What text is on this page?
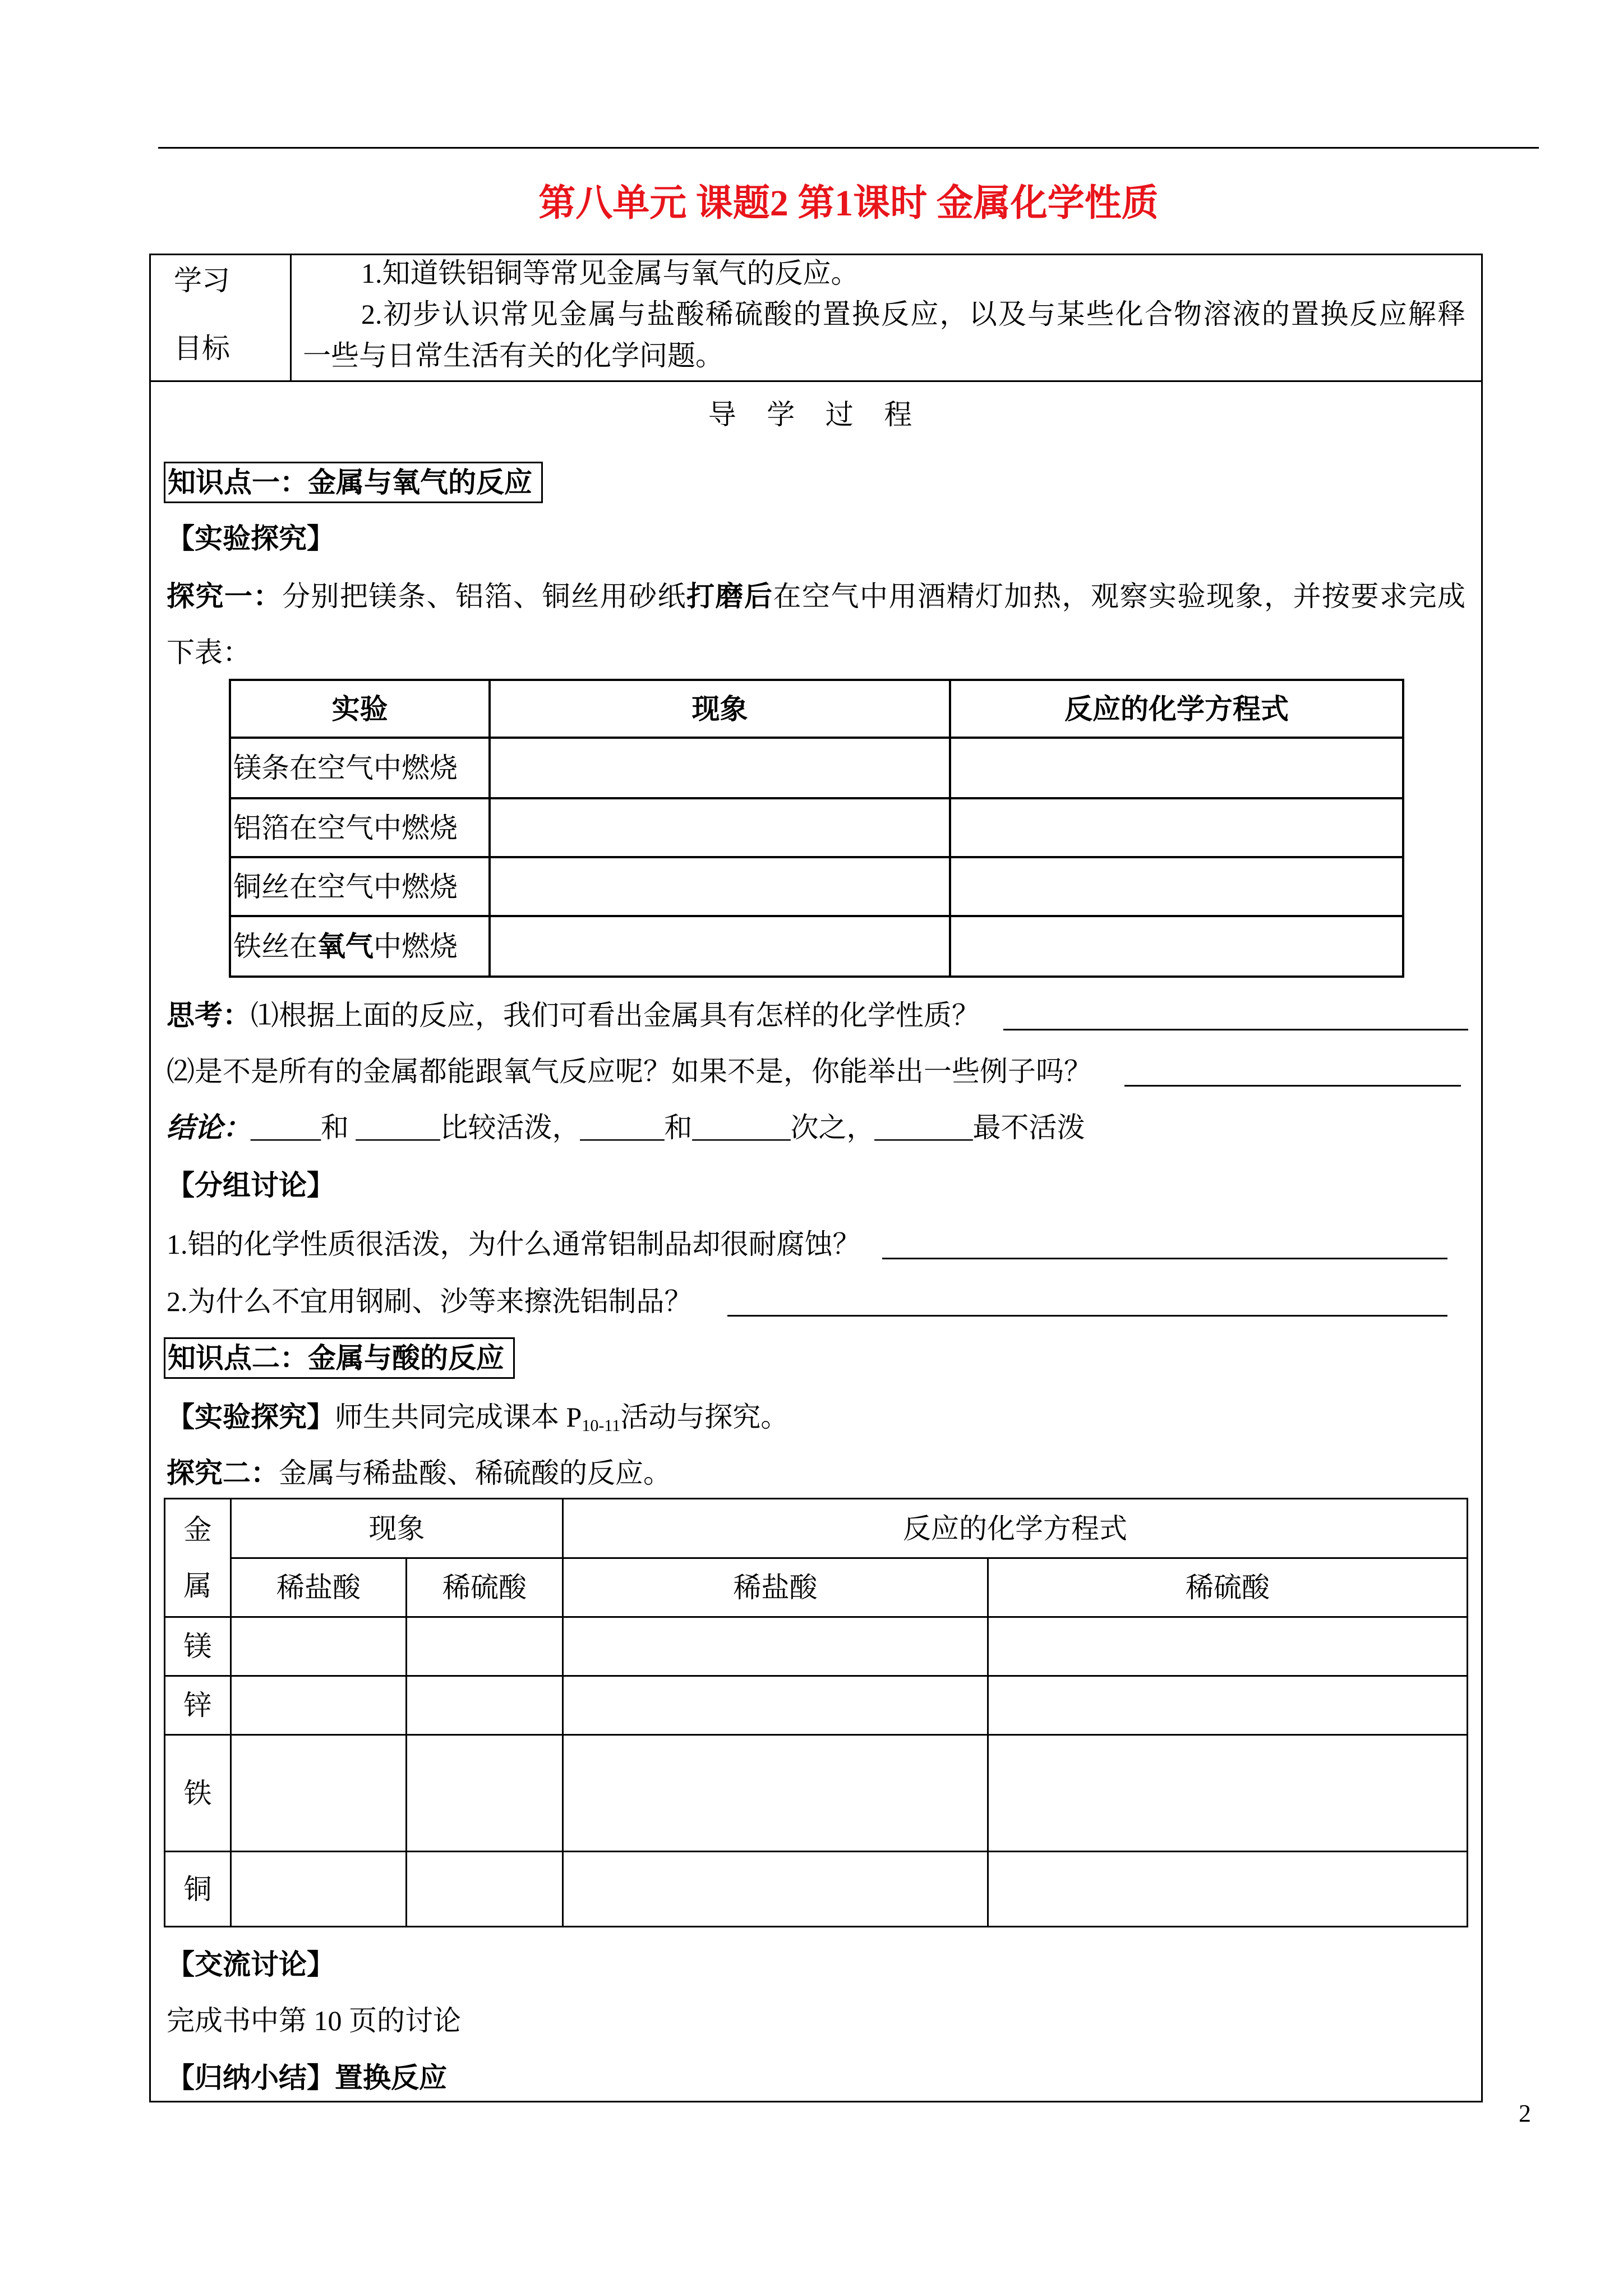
第八单元 课题2 第1课时 金属化学性质
学习
目标
1.知道铁铝铜等常见金属与氧气的反应。
2.初步认识常见金属与盐酸稀硫酸的置换反应，以及与某些化合物溶液的置换反应解释
一些与日常生活有关的化学问题。
导 学 过 程
知识点一：金属与氧气的反应
【实验探究】
探究一：分别把镁条、铝箔、铜丝用砂纸打磨后在空气中用酒精灯加热，观察实验现象，并按要求完成
下表：
实验	现象	反应的化学方程式
镁条在空气中燃烧		
铝箔在空气中燃烧		
铜丝在空气中燃烧		
铁丝在氧气中燃烧		
思考：⑴根据上面的反应，我们可看出金属具有怎样的化学性质？
⑵是不是所有的金属都能跟氧气反应呢？如果不是，你能举出一些例子吗？
结论：_____和 ______比较活泼，______和_______次之，_______最不活泼
【分组讨论】
1.铝的化学性质很活泼，为什么通常铝制品却很耐腐蚀？
2.为什么不宜用钢刷、沙等来擦洗铝制品？
知识点二：金属与酸的反应
【实验探究】师生共同完成课本 $P_{10-11}$活动与探究。
探究二：金属与稀盐酸、稀硫酸的反应。
金属	现象		反应的化学方程式	
	稀盐酸	稀硫酸	稀盐酸	稀硫酸
镁				
锌				
铁				
铜				
【交流讨论】
完成书中第 10 页的讨论
【归纳小结】置换反应
2
